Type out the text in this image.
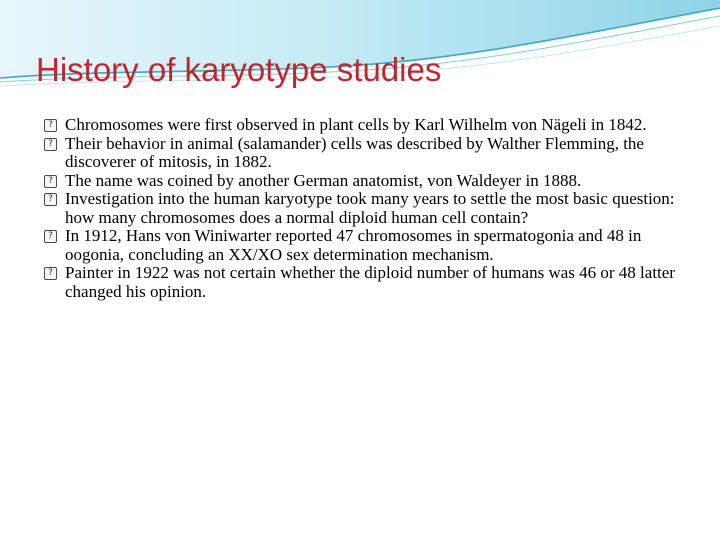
History of karyotype studies
? Chromosomes were first observed in plant cells by Karl Wilhelm von Nägeli in 1842.
? Their behavior in animal (salamander) cells was described by Walther Flemming, the discoverer of mitosis, in 1882.
? The name was coined by another German anatomist, von Waldeyer in 1888.
? Investigation into the human karyotype took many years to settle the most basic question: how many chromosomes does a normal diploid human cell contain?
? In 1912, Hans von Winiwarter reported 47 chromosomes in spermatogonia and 48 in oogonia, concluding an XX/XO sex determination mechanism.
? Painter in 1922 was not certain whether the diploid number of humans was 46 or 48 latter changed his opinion.
